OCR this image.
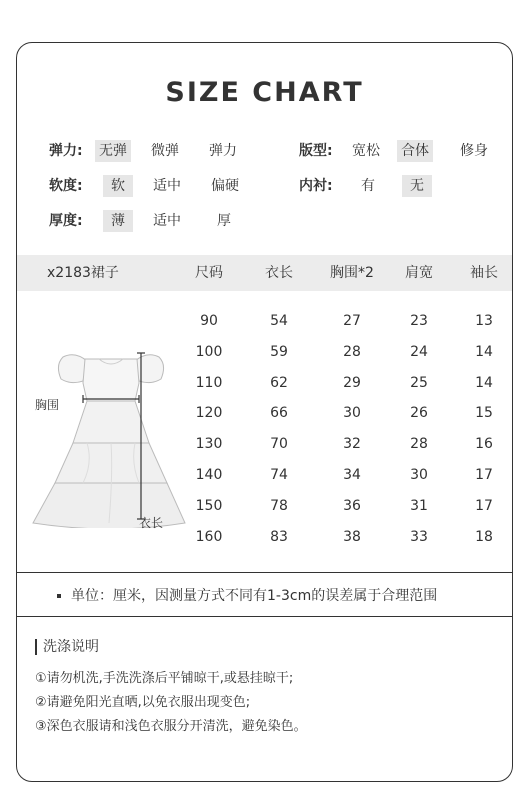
SIZE CHART
弹力: 无弹 微弹 弹力	版型: 宽松 合体 修身
软度:	软	适中 偏硬	内衬: 有	无
厚度:	薄	适中	厚
x2183裙子	尺码	衣长	胸围*2	肩宽	袖长
胸围
衣长
90	54	27	23	13
100	59	28	24	14
110	62	29	25	14
120	66	30	26	15
130	70	32	28	16
140	74	34	30	17
150	78	36	31	17
160	83	38	33	18
单位：厘米，因测量方式不同有1-3cm的误差属于合理范围
洗涤说明
①请勿机洗,手洗洗涤后平铺晾干,或悬挂晾干;
②请避免阳光直晒,以免衣服出现变色;
③深色衣服请和浅色衣服分开清洗，避免染色。
